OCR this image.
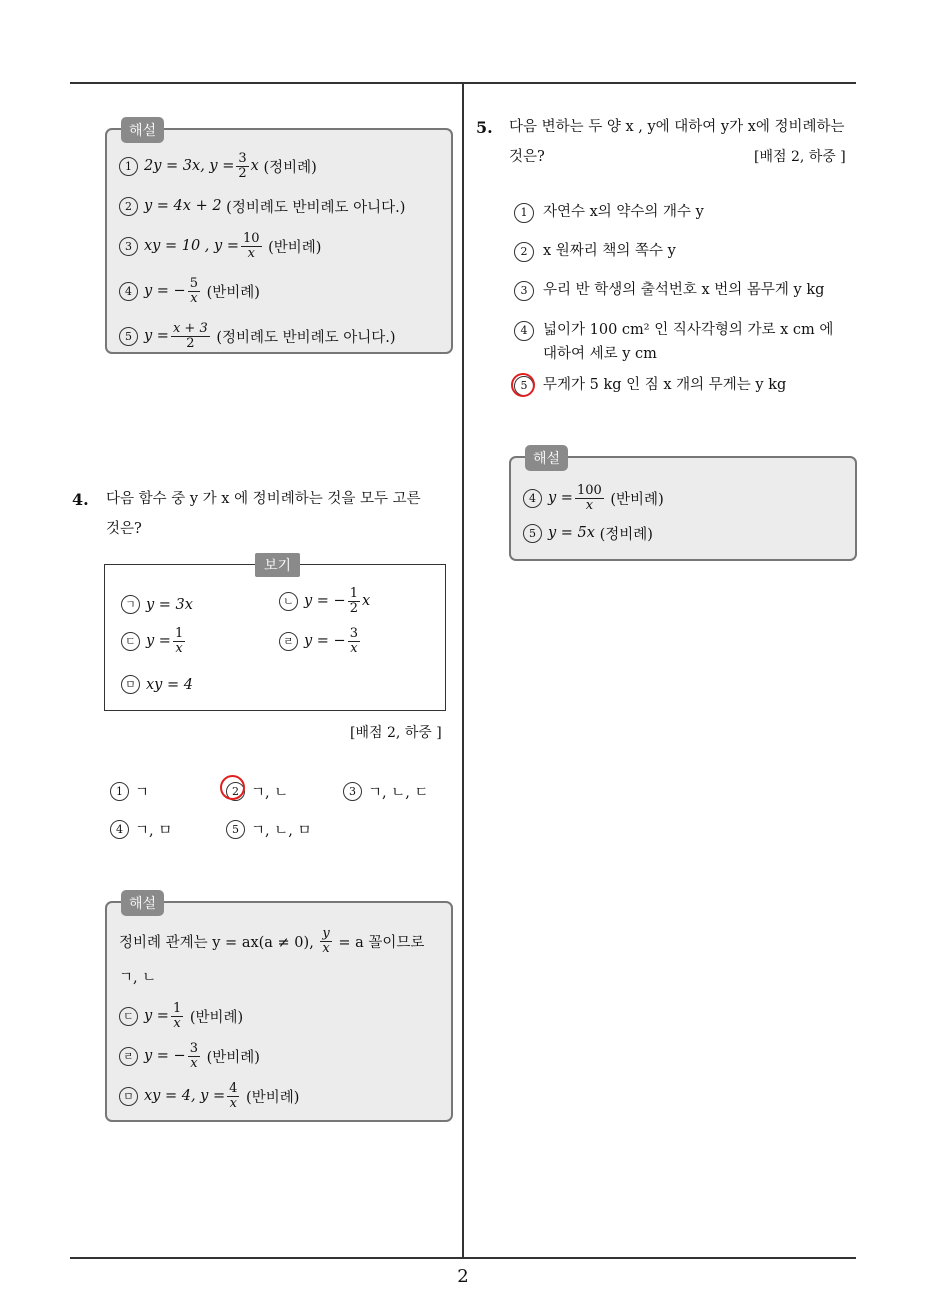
해설
1 2y = 3x, $y = \frac{3}{2}$ x
(정비례)
2 y = 4x + 2
(정비례도 반비례도 아니다.)
3 xy = 10 , $y = \frac{10}{x}$
(반비례)
4 y = − $\frac{5}{x}$
(반비례)
5 $y = \frac{x + 3}{2}$
(정비례도 반비례도 아니다.)
4. 다음 함수 중 y 가 x 에 정비례하는 것을 모두 고른
것은?
보기
ㄱ y = 3x	ㄴ y = − $\frac{1}{2}$ x
ㄷ $y = \frac{1}{x}$	ㄹ y = − $\frac{3}{x}$
ㅁ xy = 4
[배점 2, 하중 ]
1 ㄱ	2 ㄱ, ㄴ	3 ㄱ, ㄴ, ㄷ
4 ㄱ, ㅁ	5 ㄱ, ㄴ, ㅁ
해설
정비례 관계는 y = ax(a ≠ 0),
$\frac{y}{x}$
= a 꼴이므로
ㄱ, ㄴ
ㄷ $y = \frac{1}{x}$
(반비례)
ㄹ y = − $\frac{3}{x}$
(반비례)
ㅁ xy = 4, $y = \frac{4}{x}$
(반비례)
5. 다음 변하는 두 양 x , y에 대하여 y가 x에 정비례하는
것은?	[배점 2, 하중 ]
1	자연수 x의 약수의 개수 y
2	x 원짜리 책의 쪽수 y
3	우리 반 학생의 출석번호 x 번의 몸무게 y kg
4	넓이가 100 cm² 인 직사각형의 가로 x cm 에
대하여 세로 y cm
5	무게가 5 kg 인 짐 x 개의 무게는 y kg
해설
4 $y = \frac{100}{x}$
(반비례)
5 y = 5x
(정비례)
2
